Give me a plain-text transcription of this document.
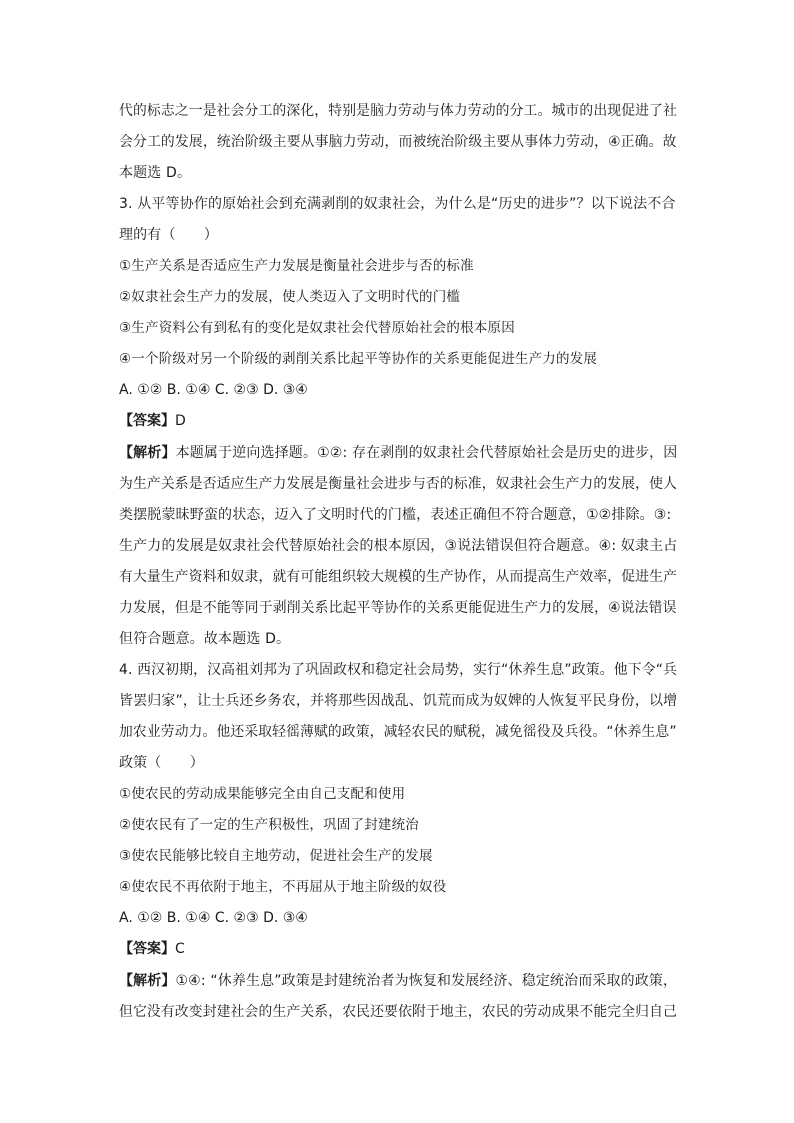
代的标志之一是社会分工的深化，特别是脑力劳动与体力劳动的分工。城市的出现促进了社
会分工的发展，统治阶级主要从事脑力劳动，而被统治阶级主要从事体力劳动，④正确。故
本题选 D。
3. 从平等协作的原始社会到充满剥削的奴隶社会，为什么是“历史的进步”？以下说法不合
理的有（　　）
①生产关系是否适应生产力发展是衡量社会进步与否的标准
②奴隶社会生产力的发展，使人类迈入了文明时代的门槛
③生产资料公有到私有的变化是奴隶社会代替原始社会的根本原因
④一个阶级对另一个阶级的剥削关系比起平等协作的关系更能促进生产力的发展
A. ①② B. ①④ C. ②③ D. ③④
【答案】D
【解析】本题属于逆向选择题。①②: 存在剥削的奴隶社会代替原始社会是历史的进步，因
为生产关系是否适应生产力发展是衡量社会进步与否的标准，奴隶社会生产力的发展，使人
类摆脱蒙昧野蛮的状态，迈入了文明时代的门槛，表述正确但不符合题意，①②排除。③:
生产力的发展是奴隶社会代替原始社会的根本原因，③说法错误但符合题意。④: 奴隶主占
有大量生产资料和奴隶，就有可能组织较大规模的生产协作，从而提高生产效率，促进生产
力发展，但是不能等同于剥削关系比起平等协作的关系更能促进生产力的发展，④说法错误
但符合题意。故本题选 D。
4. 西汉初期，汉高祖刘邦为了巩固政权和稳定社会局势，实行“休养生息”政策。他下令“兵
皆罢归家”，让士兵还乡务农，并将那些因战乱、饥荒而成为奴婢的人恢复平民身份，以增
加农业劳动力。他还采取轻徭薄赋的政策，减轻农民的赋税，减免徭役及兵役。“休养生息”
政策（　　）
①使农民的劳动成果能够完全由自己支配和使用
②使农民有了一定的生产积极性，巩固了封建统治
③使农民能够比较自主地劳动，促进社会生产的发展
④使农民不再依附于地主，不再屈从于地主阶级的奴役
A. ①② B. ①④ C. ②③ D. ③④
【答案】C
【解析】①④: “休养生息”政策是封建统治者为恢复和发展经济、稳定统治而采取的政策，
但它没有改变封建社会的生产关系，农民还要依附于地主，农民的劳动成果不能完全归自己
